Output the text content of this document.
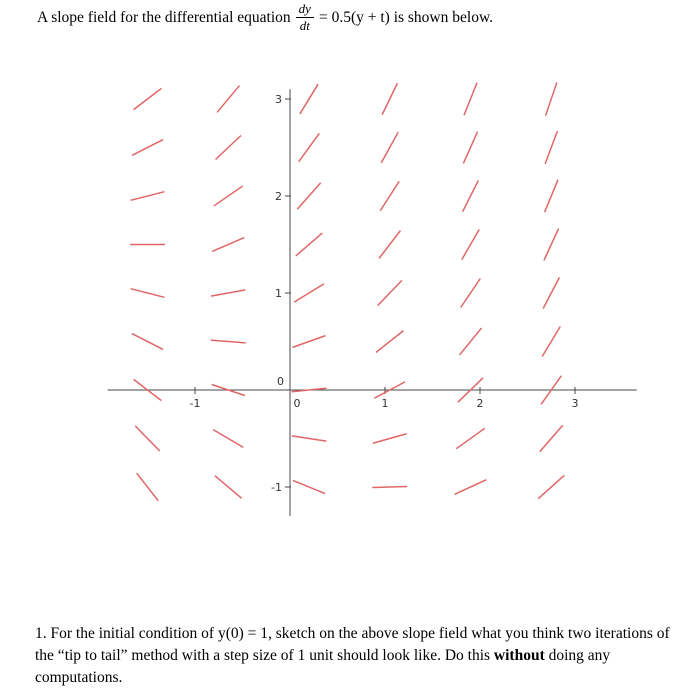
A slope field for the differential equation $\frac{dy}{dt} = 0.5(y + t)$ is shown below.

-1	0	1	2	3
3
2
1
0
-1

1. For the initial condition of y(0) = 1, sketch on the above slope field what you think two iterations of the “tip to tail” method with a step size of 1 unit should look like. Do this without doing any computations.
